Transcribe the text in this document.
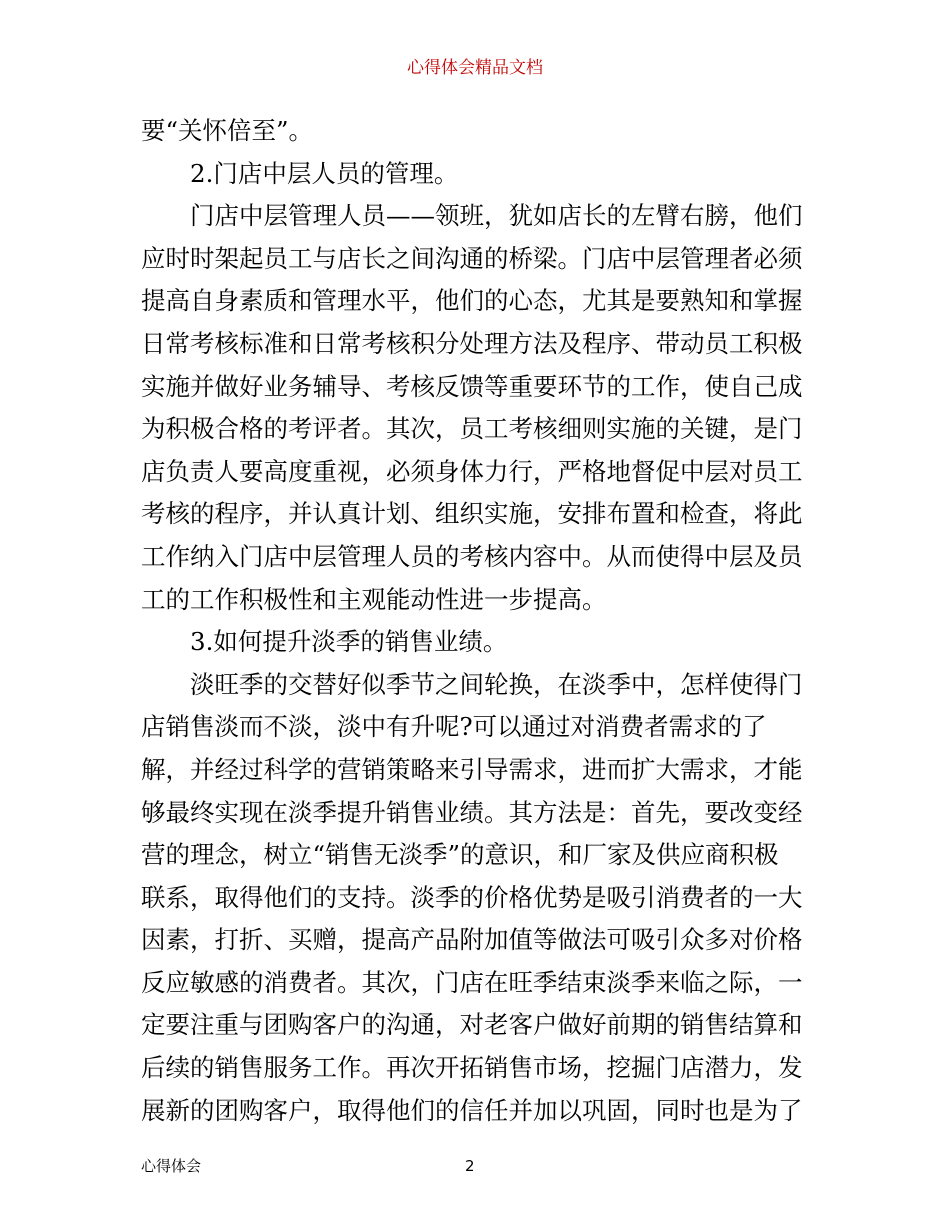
心得体会精品文档
要“关怀倍至”。
2.门店中层人员的管理。
门店中层管理人员——领班，犹如店长的左臂右膀，他们
应时时架起员工与店长之间沟通的桥梁。门店中层管理者必须
提高自身素质和管理水平，他们的心态，尤其是要熟知和掌握
日常考核标准和日常考核积分处理方法及程序、带动员工积极
实施并做好业务辅导、考核反馈等重要环节的工作，使自己成
为积极合格的考评者。其次，员工考核细则实施的关键，是门
店负责人要高度重视，必须身体力行，严格地督促中层对员工
考核的程序，并认真计划、组织实施，安排布置和检查，将此
工作纳入门店中层管理人员的考核内容中。从而使得中层及员
工的工作积极性和主观能动性进一步提高。
3.如何提升淡季的销售业绩。
淡旺季的交替好似季节之间轮换，在淡季中，怎样使得门
店销售淡而不淡，淡中有升呢?可以通过对消费者需求的了
解，并经过科学的营销策略来引导需求，进而扩大需求，才能
够最终实现在淡季提升销售业绩。其方法是：首先，要改变经
营的理念，树立“销售无淡季”的意识，和厂家及供应商积极
联系，取得他们的支持。淡季的价格优势是吸引消费者的一大
因素，打折、买赠，提高产品附加值等做法可吸引众多对价格
反应敏感的消费者。其次，门店在旺季结束淡季来临之际，一
定要注重与团购客户的沟通，对老客户做好前期的销售结算和
后续的销售服务工作。再次开拓销售市场，挖掘门店潜力，发
展新的团购客户，取得他们的信任并加以巩固，同时也是为了
心得体会	2
